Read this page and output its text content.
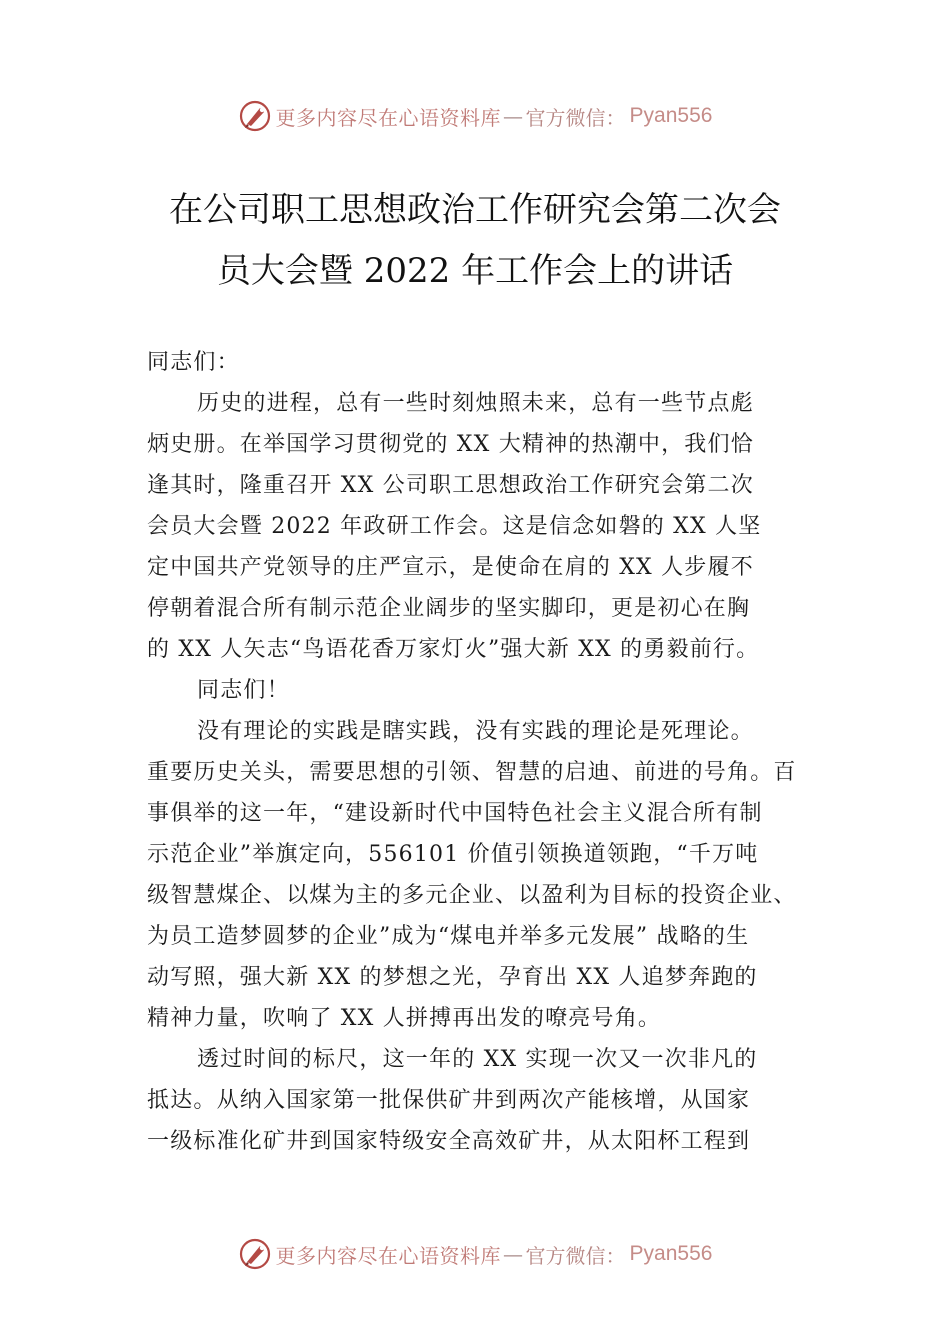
更多内容尽在心语资料库 — 官方微信： Pyan556
在公司职工思想政治工作研究会第二次会
员大会暨 2022 年工作会上的讲话
同志们：
历史的进程，总有一些时刻烛照未来，总有一些节点彪
炳史册。在举国学习贯彻党的 XX 大精神的热潮中，我们恰
逢其时，隆重召开 XX 公司职工思想政治工作研究会第二次
会员大会暨 2022 年政研工作会。这是信念如磐的 XX 人坚
定中国共产党领导的庄严宣示，是使命在肩的 XX 人步履不
停朝着混合所有制示范企业阔步的坚实脚印，更是初心在胸
的 XX 人矢志“鸟语花香万家灯火”强大新 XX 的勇毅前行。
同志们！
没有理论的实践是瞎实践，没有实践的理论是死理论。
重要历史关头，需要思想的引领、智慧的启迪、前进的号角。百
事俱举的这一年，“建设新时代中国特色社会主义混合所有制
示范企业”举旗定向，556101 价值引领换道领跑，“千万吨
级智慧煤企、以煤为主的多元企业、以盈利为目标的投资企业、
为员工造梦圆梦的企业”成为“煤电并举多元发展” 战略的生
动写照，强大新 XX 的梦想之光，孕育出 XX 人追梦奔跑的
精神力量，吹响了 XX 人拼搏再出发的嘹亮号角。
透过时间的标尺，这一年的 XX 实现一次又一次非凡的
抵达。从纳入国家第一批保供矿井到两次产能核增，从国家
一级标准化矿井到国家特级安全高效矿井，从太阳杯工程到
更多内容尽在心语资料库 — 官方微信： Pyan556
